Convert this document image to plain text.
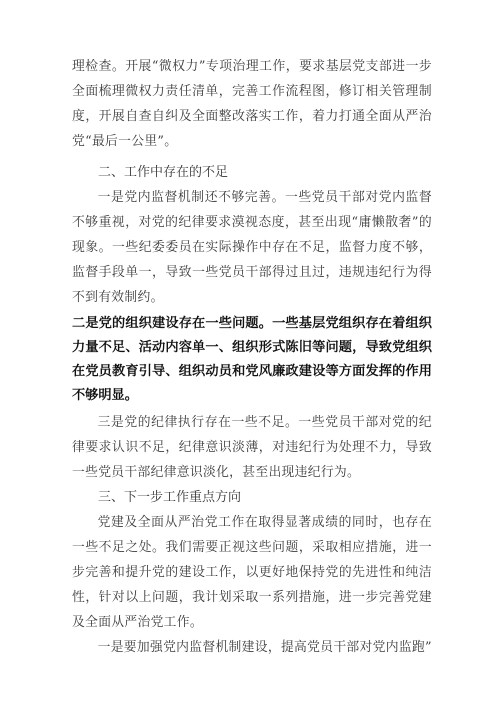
理检查。开展“微权力”专项治理工作，要求基层党支部进一步全面梳理微权力责任清单，完善工作流程图，修订相关管理制度，开展自查自纠及全面整改落实工作，着力打通全面从严治党“最后一公里”。

二、工作中存在的不足

一是党内监督机制还不够完善。一些党员干部对党内监督不够重视，对党的纪律要求漠视态度，甚至出现“庸懒散奢”的现象。一些纪委委员在实际操作中存在不足，监督力度不够，监督手段单一，导致一些党员干部得过且过，违规违纪行为得不到有效制约。

二是党的组织建设存在一些问题。一些基层党组织存在着组织力量不足、活动内容单一、组织形式陈旧等问题，导致党组织在党员教育引导、组织动员和党风廉政建设等方面发挥的作用不够明显。

三是党的纪律执行存在一些不足。一些党员干部对党的纪律要求认识不足，纪律意识淡薄，对违纪行为处理不力，导致一些党员干部纪律意识淡化，甚至出现违纪行为。

三、下一步工作重点方向

党建及全面从严治党工作在取得显著成绩的同时，也存在一些不足之处。我们需要正视这些问题，采取相应措施，进一步完善和提升党的建设工作，以更好地保持党的先进性和纯洁性，针对以上问题，我计划采取一系列措施，进一步完善党建及全面从严治党工作。

一是要加强党内监督机制建设，提高党员干部对党内监跑”
